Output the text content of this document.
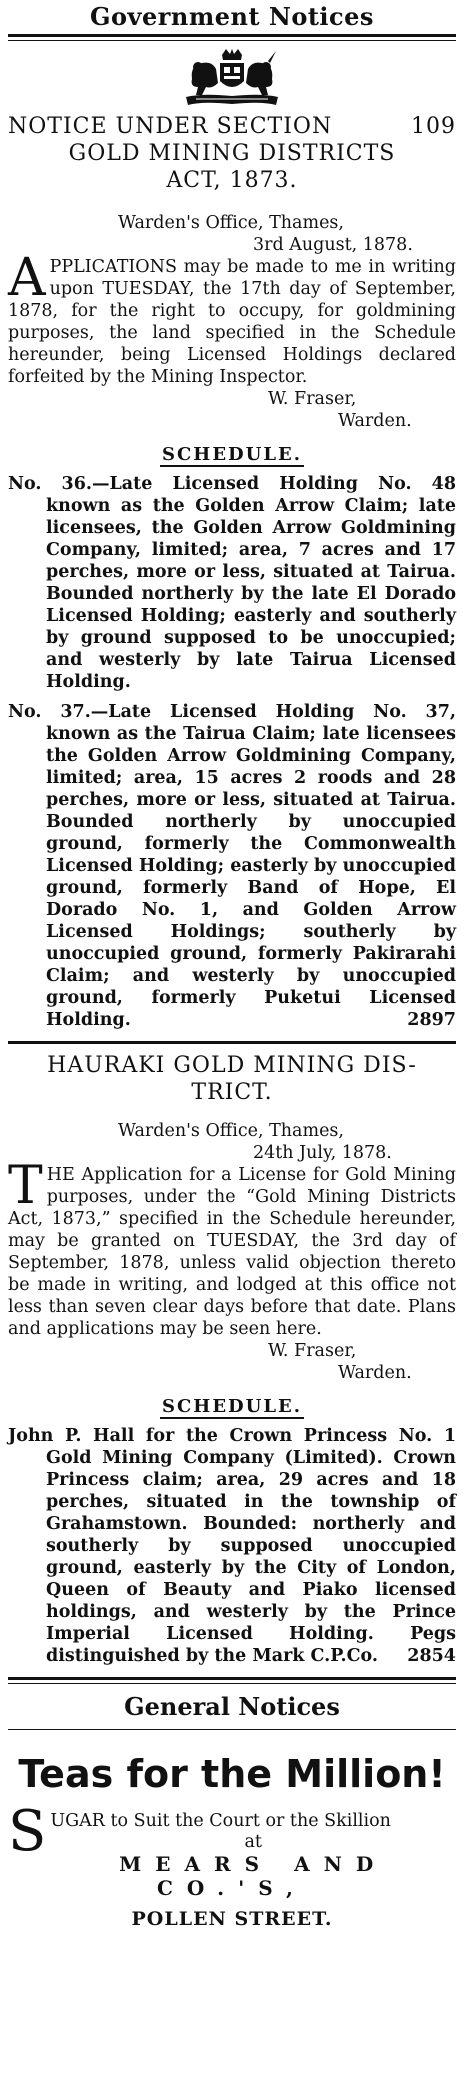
Government Notices
NOTICE UNDER SECTION	109
GOLD MINING DISTRICTS
ACT, 1873.
Warden's Office, Thames,
3rd August, 1878.

APPLICATIONS may be made to me in writing upon TUESDAY, the 17th day of September, 1878, for the right to occupy, for goldmining purposes, the land specified in the Schedule hereunder, being Licensed Holdings declared forfeited by the Mining Inspector.

W. Fraser,
Warden.
SCHEDULE.

No. 36.—Late Licensed Holding No. 48 known as the Golden Arrow Claim; late licensees, the Golden Arrow Goldmining Company, limited; area, 7 acres and 17 perches, more or less, situated at Tairua. Bounded northerly by the late El Dorado Licensed Holding; easterly and southerly by ground supposed to be unoccupied; and westerly by late Tairua Licensed Holding.

No. 37.—Late Licensed Holding No. 37, known as the Tairua Claim; late licensees the Golden Arrow Goldmining Company, limited; area, 15 acres 2 roods and 28 perches, more or less, situated at Tairua. Bounded northerly by unoccupied ground, formerly the Commonwealth Licensed Holding; easterly by unoccupied ground, formerly Band of Hope, El Dorado No. 1, and Golden Arrow Licensed Holdings; southerly by unoccupied ground, formerly Pakirarahi Claim; and westerly by unoccupied ground, formerly Puketui Licensed Holding.	2897

HAURAKI GOLD MINING DIS-
TRICT.
Warden's Office, Thames,
24th July, 1878.

THE Application for a License for Gold Mining purposes, under the “Gold Mining Districts Act, 1873,” specified in the Schedule hereunder, may be granted on TUESDAY, the 3rd day of September, 1878, unless valid objection thereto be made in writing, and lodged at this office not less than seven clear days before that date. Plans and applications may be seen here.

W. Fraser,
Warden.
SCHEDULE.

John P. Hall for the Crown Princess No. 1 Gold Mining Company (Limited). Crown Princess claim; area, 29 acres and 18 perches, situated in the township of Grahamstown. Bounded: northerly and southerly by supposed unoccupied ground, easterly by the City of London, Queen of Beauty and Piako licensed holdings, and westerly by the Prince Imperial Licensed Holding. Pegs distinguished by the Mark C.P.Co. 2854

General Notices
Teas for the Million!
SUGAR to Suit the Court or the Skillion
at
MEARS AND CO.'S,
POLLEN STREET.
